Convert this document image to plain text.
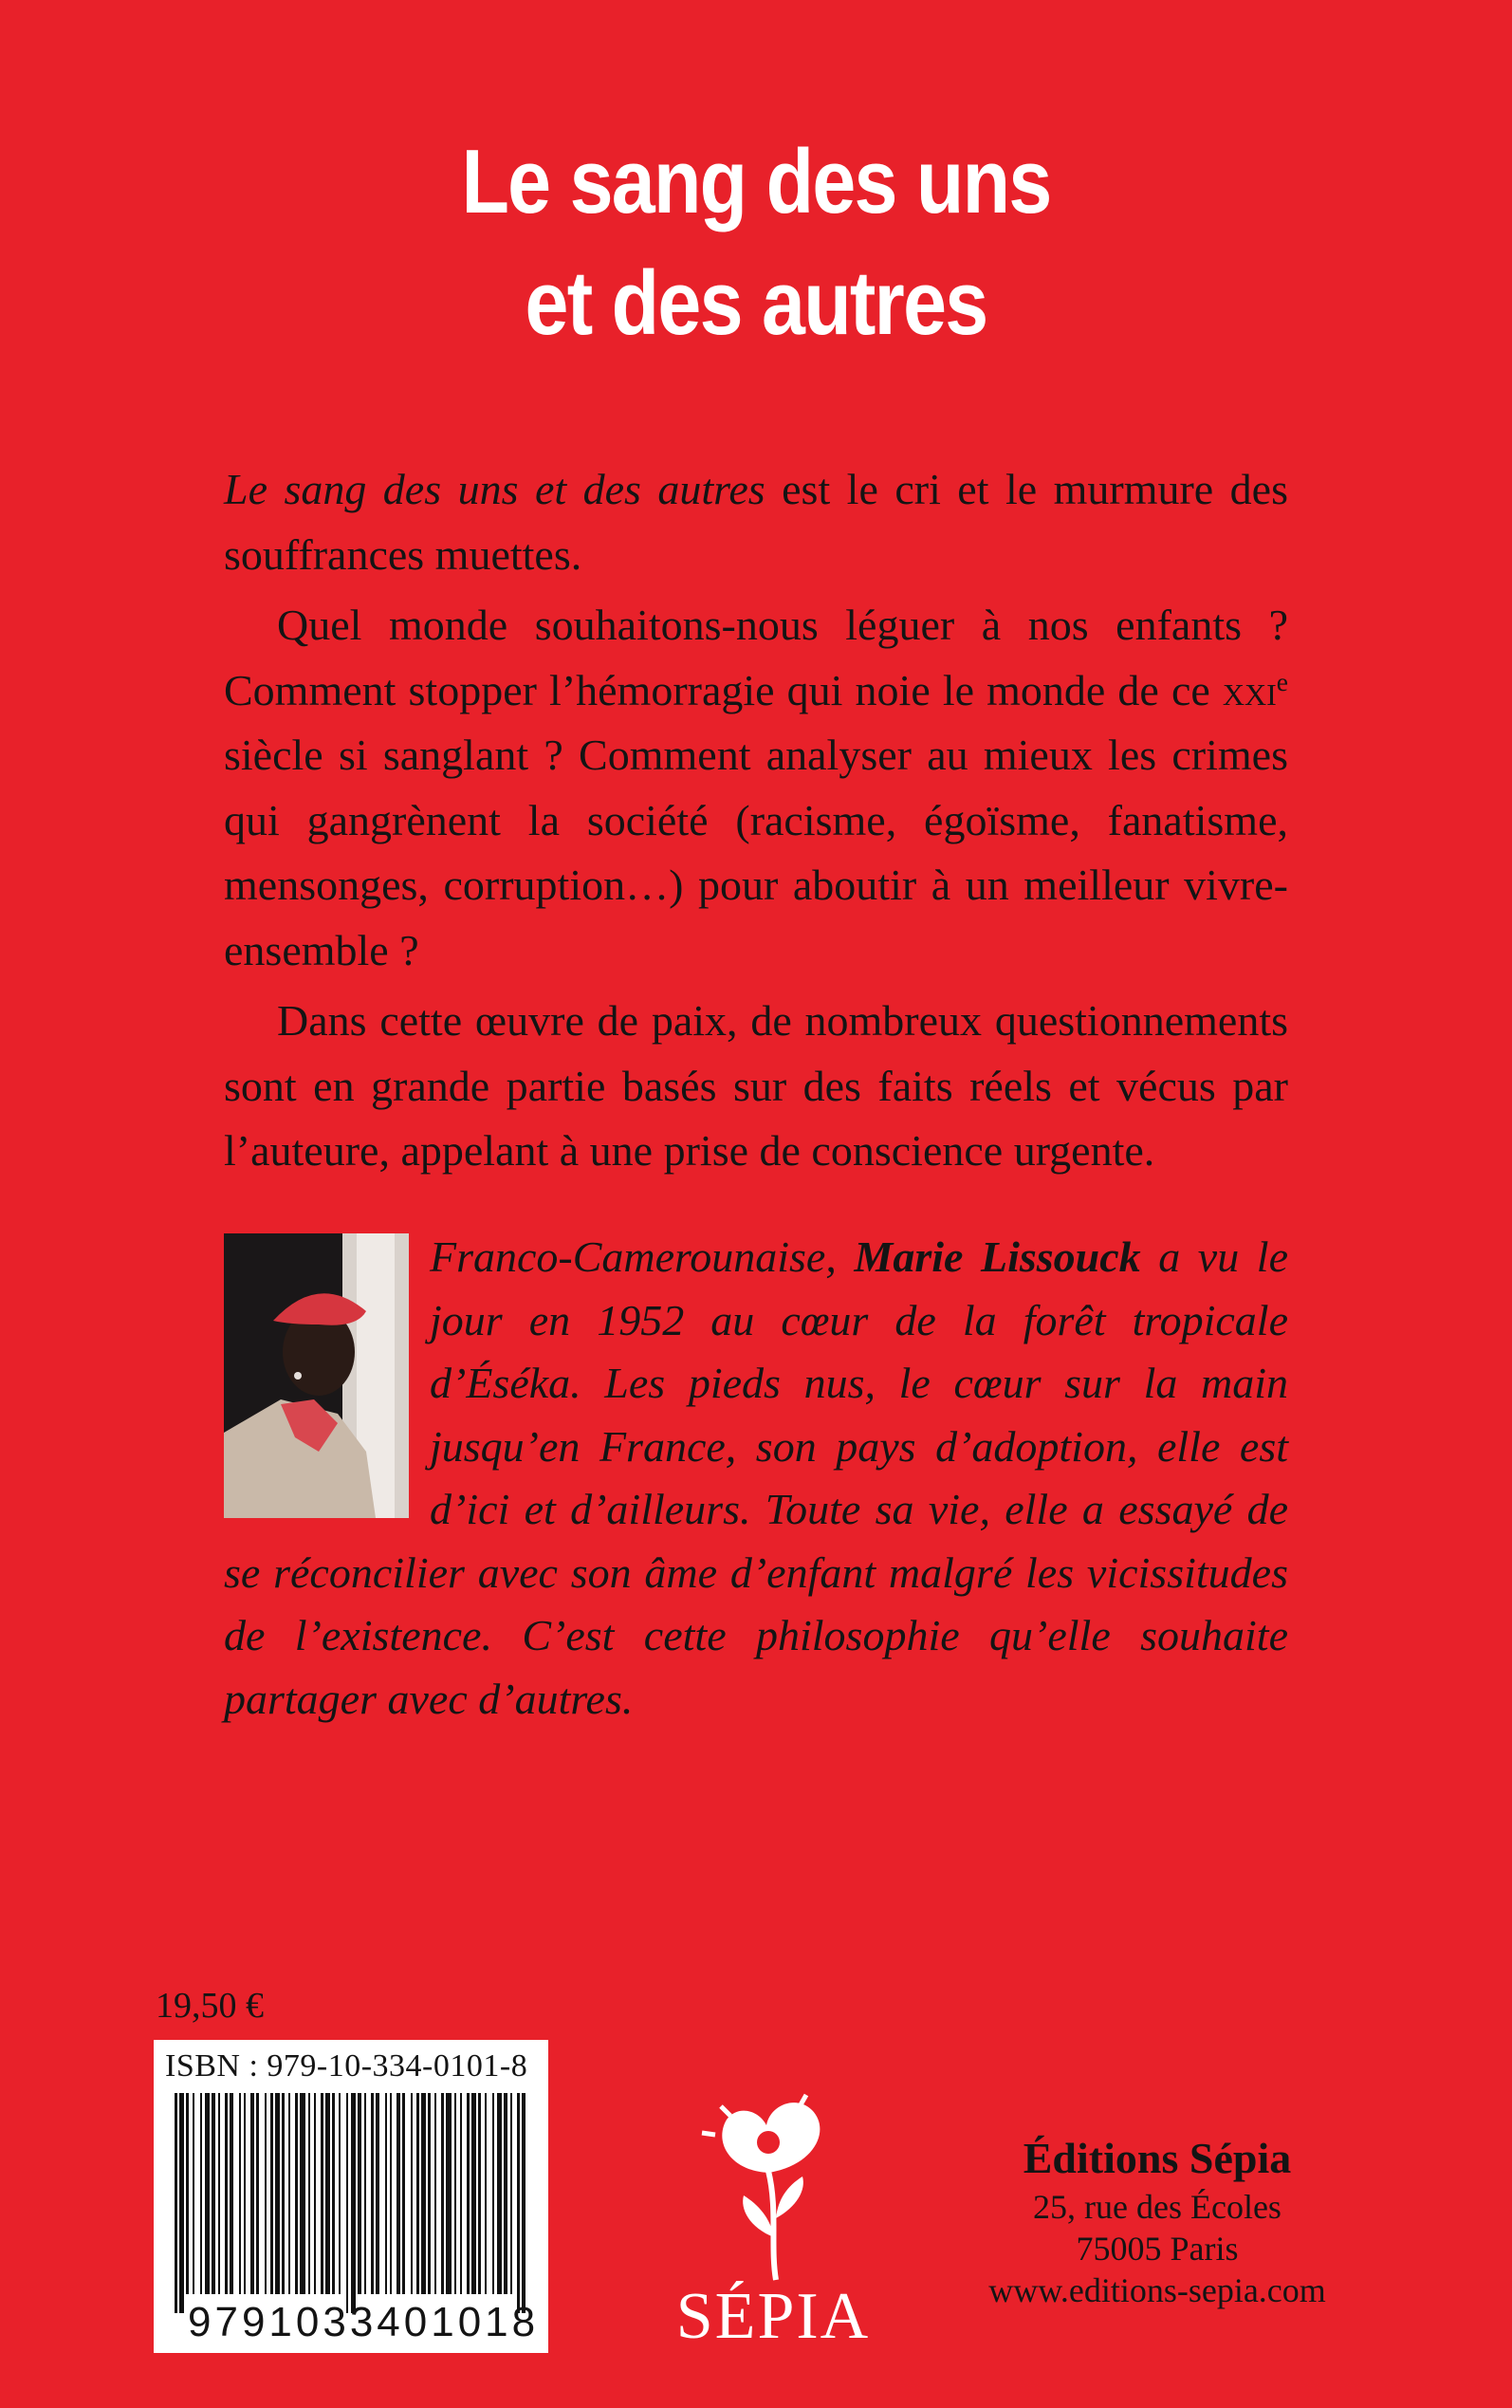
Le sang des uns
et des autres

Le sang des uns et des autres est le cri et le murmure des souffrances muettes.

Quel monde souhaitons-nous léguer à nos enfants ? Comment stopper l’hémorragie qui noie le monde de ce xxi$^e$ siècle si sanglant ? Comment analyser au mieux les crimes qui gangrènent la société (racisme, égoïsme, fanatisme, mensonges, corruption…) pour aboutir à un meilleur vivre-ensemble ?

Dans cette œuvre de paix, de nombreux questionnements sont en grande partie basés sur des faits réels et vécus par l’auteure, appelant à une prise de conscience urgente.

Franco-Camerounaise, Marie Lissouck a vu le jour en 1952 au cœur de la forêt tropicale d’Éséka. Les pieds nus, le cœur sur la main jusqu’en France, son pays d’adoption, elle est d’ici et d’ailleurs. Toute sa vie, elle a essayé de se réconcilier avec son âme d’enfant malgré les vicissitudes de l’existence. C’est cette philosophie qu’elle souhaite partager avec d’autres.

19,50 €
ISBN : 979-10-334-0101-8
9791033401018 SÉPIA
Éditions Sépia
25, rue des Écoles
75005 Paris
www.editions-sepia.com
